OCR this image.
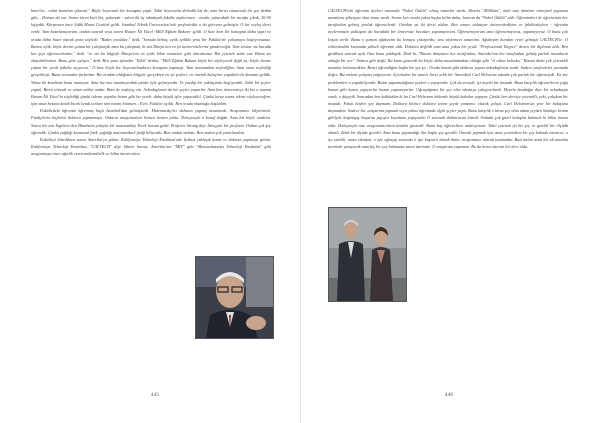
bina'lar... onlar bunalan çıkacak." Böyle beyecanlı bir konuşma yaptı. Tabii heyecanla dinledik biz de, ama birisi cümaceak bir şey dedim gibi... Dolsun da var. Sonra tören bitti biz, yukarıda - salon iki üç odadayak fakülte aşakerinen - orada, yukarıdaki bir tarafta çıktık, 30-50 kişiydik. Kürprenin önce Sidik Murat Ucaliok geldi. İstanbul Teknik Üniversitesi'nde profesördür o da görevsız gelmiştir. O bir seyleş dersi verdi. Tam hatırlamıyorum, ondan sonrad veya sonra Hasan Âli Yücel -Milli Eğitim Bakanı- geldi. O bize hem bir konuşma daha yaptı ve orada daha hazır olarak para söyledi: "Bakın çocuklar," dedi, "burada birkaç aylık iyilikle yetsi bir Fakülte'de çalışmaya başlıyorsunuz. Burası içlik, böyle derme çatma bir çalışmaydı ama bu çalışmak, ki sizi Dünya'nın en iyi üniversitelerine gönderceğiz. Tam tersine siz burada her şeyi öğreneceksiniz," dedi. "ve siz bu bilgiyle Dünya'nın en iyide bilim insanları gibi olacaksınız. Biz yetenek sizde var. Bizim siz okuyabilirsiniz. Bunu göre çalışın," dedi. Ben şunu işlenden "Tabii" dedim, "Milli Eğitim Bakanı böyle bir söyleyecek değil ya; böyle derme çatma bir yerde fakülte açıyorsa." O bize böyle bir heyecanlandırıcı konuşma yapmıştı. Yani inanmadan söylediğim. Ama onun söylediği gerçekleşti. Bunu sonradan farkettim. Biz oradan aldığımız bilgiyle gerçekten en iyi şeyleri, en önemli kuluçları yapabilecek duruma geldik. Yoksa iki kendimiz bunu inanıyım. Ama biz onu inanmıyorduk çünkü öyle gelmiyordu. Ve yaedıp bir yaklaşımla başlıyordık. Tabii bir şeyler yaptık. Birisi olsaydı ve vatan tatikir andaı. Bani de tasfiyeg ettı. Arkadaşlarım da bir şeyler yaparlar. Ama ben üniversiteyi iki biz o tamam Hasan Âli Yücel'in söylediği çünkü ödeme yaptılar bizim gibi bir yerde, daha büyük işler yapacaklıl. Çünkü biraz sonra tekrar söyleyeceğim; işin onun hesana kendi bicok kendi tonları tam ismini bnamen... Evet, Fakülte açıldı. Ben orada okumağa başladım.

Fakültedeki öğrenim öğrenmiş başlı İstanbul'dan gelmişlerdi. Matematikçiler dahasın yapmış insanlardı. Araştırmacı bilyorlardı. Fizikçilerin hiçbirisi doktora yapmamıştı. Onların araştırmaları hemen hemen yoktu. Dolayısıyla o konuf doğdu. Ama biz böyle vardılar. Sonra bir ara İngiltere'den Hindistan yoluyla bir matematikçi Ercik hocam geldi. Profesör Strang diye İskoçyalı bir profesör. Ondan çok şey öğrendik. Çünkü yağdığı karamsal fizik, yağdığı matematiksel fiziği biliyordu. Bize ondan anlattı. Ben ondan çok yararlandım.

Fakülteyi bitirdikten sonra Amerika'ya gittim. Kaliforniya Teknoloji Enstitüsü'nde fiziksiz yaklaşık kımm ve doktora yapmaya gittim. Kaliforniya Teknoloji Enstitüsü, "CALTECH" diye bilinir burası, Amerika'nın "MIT" gibi "Massachussetts Teknoloji Enstitüsü" gibi araştırmaya önce ağırlık veren mühendislik ve bilim üniversitesi.

445

CALTECH'teki öğrenim üyeleri arasında "Nobel Ödülü" almış insanlar vardı. Mesela "Millikan", ünlü aziy dumları elmeyind yapmanı anomlara şökzayya olan insan vardı. Sonra ben orada yakın başka bilim daha, hatırım da "Nobel Ödülü" aldı. Öğrenimleri de öğrencinin her tarafından gelmiş parlak öğrencilerdi. Oradan ya iki dersi aldım. Ben sınavı anlatıyor üniversitediyim ve fakültedeyken - öğrenim üyelerimizin yaklaşımı da buradaki bir üniversite hocaları yapamıyorum. Öğrenemiyorum ama öğrenemiyoruz, yapamıyoruz. O bunu çok koşun verdi. Bunu o yaman ağabeyim bu konuyu çözüyordu; onu söylemezi amzetimi. Ağabeyim bundan evvel gitmişti CALTECH'te. O rektöründeki kısmında yüksek öğrenim aldı. Doktora değildi ama ama yakın bir şeydi. "Professional Degree" denen bir diploma aldı. Ben girdikten sonrad ayık. Ona buna yaklaştık. Dedi ki, "Burası dünyanın her tarafından, Amerika'nın her tarafından gelmiş parlak insanların olduğu bir yer." Anlara gibi değil. Bu bunu gösterdi bu böyle daha anaalanmakta olduğu gibi "el olsan koluska." Bunun daha çok yetenekli insanlar bulunacaklar. Benci öğrendiğim başka bir şey şu : Orada benim gibi doktora yapan arkadaşlarım vardı. Sadece profesörler yanımda değer. Biz onlara çalışma yalpıyoruz. İçlerinden bir tanesi Arrej arkh bir Amerikalı Carl Helstrom adında çok parlak bir öğrenciydi. En zor problemleri o yapabiliyordu. Bizim yapamadığımız şeyleri o yapıyordu. Çok da zeviydi, iyi niyetli bir insandı. Bana karşılık öğrencilerin çoğu bunun gibi bazen yapıyorlar bazan yapamıyorlar. Uğraştığımız bir şey olsa sıkıntıya çalışıyorlardı. Mesela bandağın diye bir arkadaşım vardı, o düşeyik. Sonradan ben kokküdüm ki bu Carl Helstrom kökende büyük babalar yapıyor. Çünkü ben dersiye yetenekli, yeki, çalışkan bir insandı. Fakat haybir şey duymam. Doktora bitince doktora sonra şeyde yardımcı olarak çalıştı. Carl Helstrom'un yeni bir buluşunu duymadım. Sadece bu; araştırma yapmak veya yalnız öğretimde ilgili şeyler yaptı. Bunu karşılık o biraz şey olan adam şeyden Sandıgo benim gibilydi, başlangıç başarım yapıyor boyutunu yapıyordu. O sonrada doktorasını bitirdi. Ordada çok güzel buluşlar bulmulü ki bilim insanı oldu. Dolayısıyla onu araştırmacıların kendisi gösterdi. Bunu bay öğrencilere anlatıyorum. Tabii yetenek iyi bir şey ve gerekli bir ölçüdü olmalı. Zekâ bir ölçüde gerekli. Ama bunu yapmadığı ilin başka şey gerekli. Önemli yapmak için azım yetenekten bir şey bulmak istenirse, o işe sürekli, masa sıkıntım, o işle uğraşıp sonunda o işte başarılı olmak ilmin, araştırmacı olarak tutumudur. Bazı kalan azmi bir ali mandın üzerinde yatayacak ama hiç bir şey bulmazsa sanın üzerinde. O araştırma yapamaz. Bu da benin üzerini bir ders oldu.

446
